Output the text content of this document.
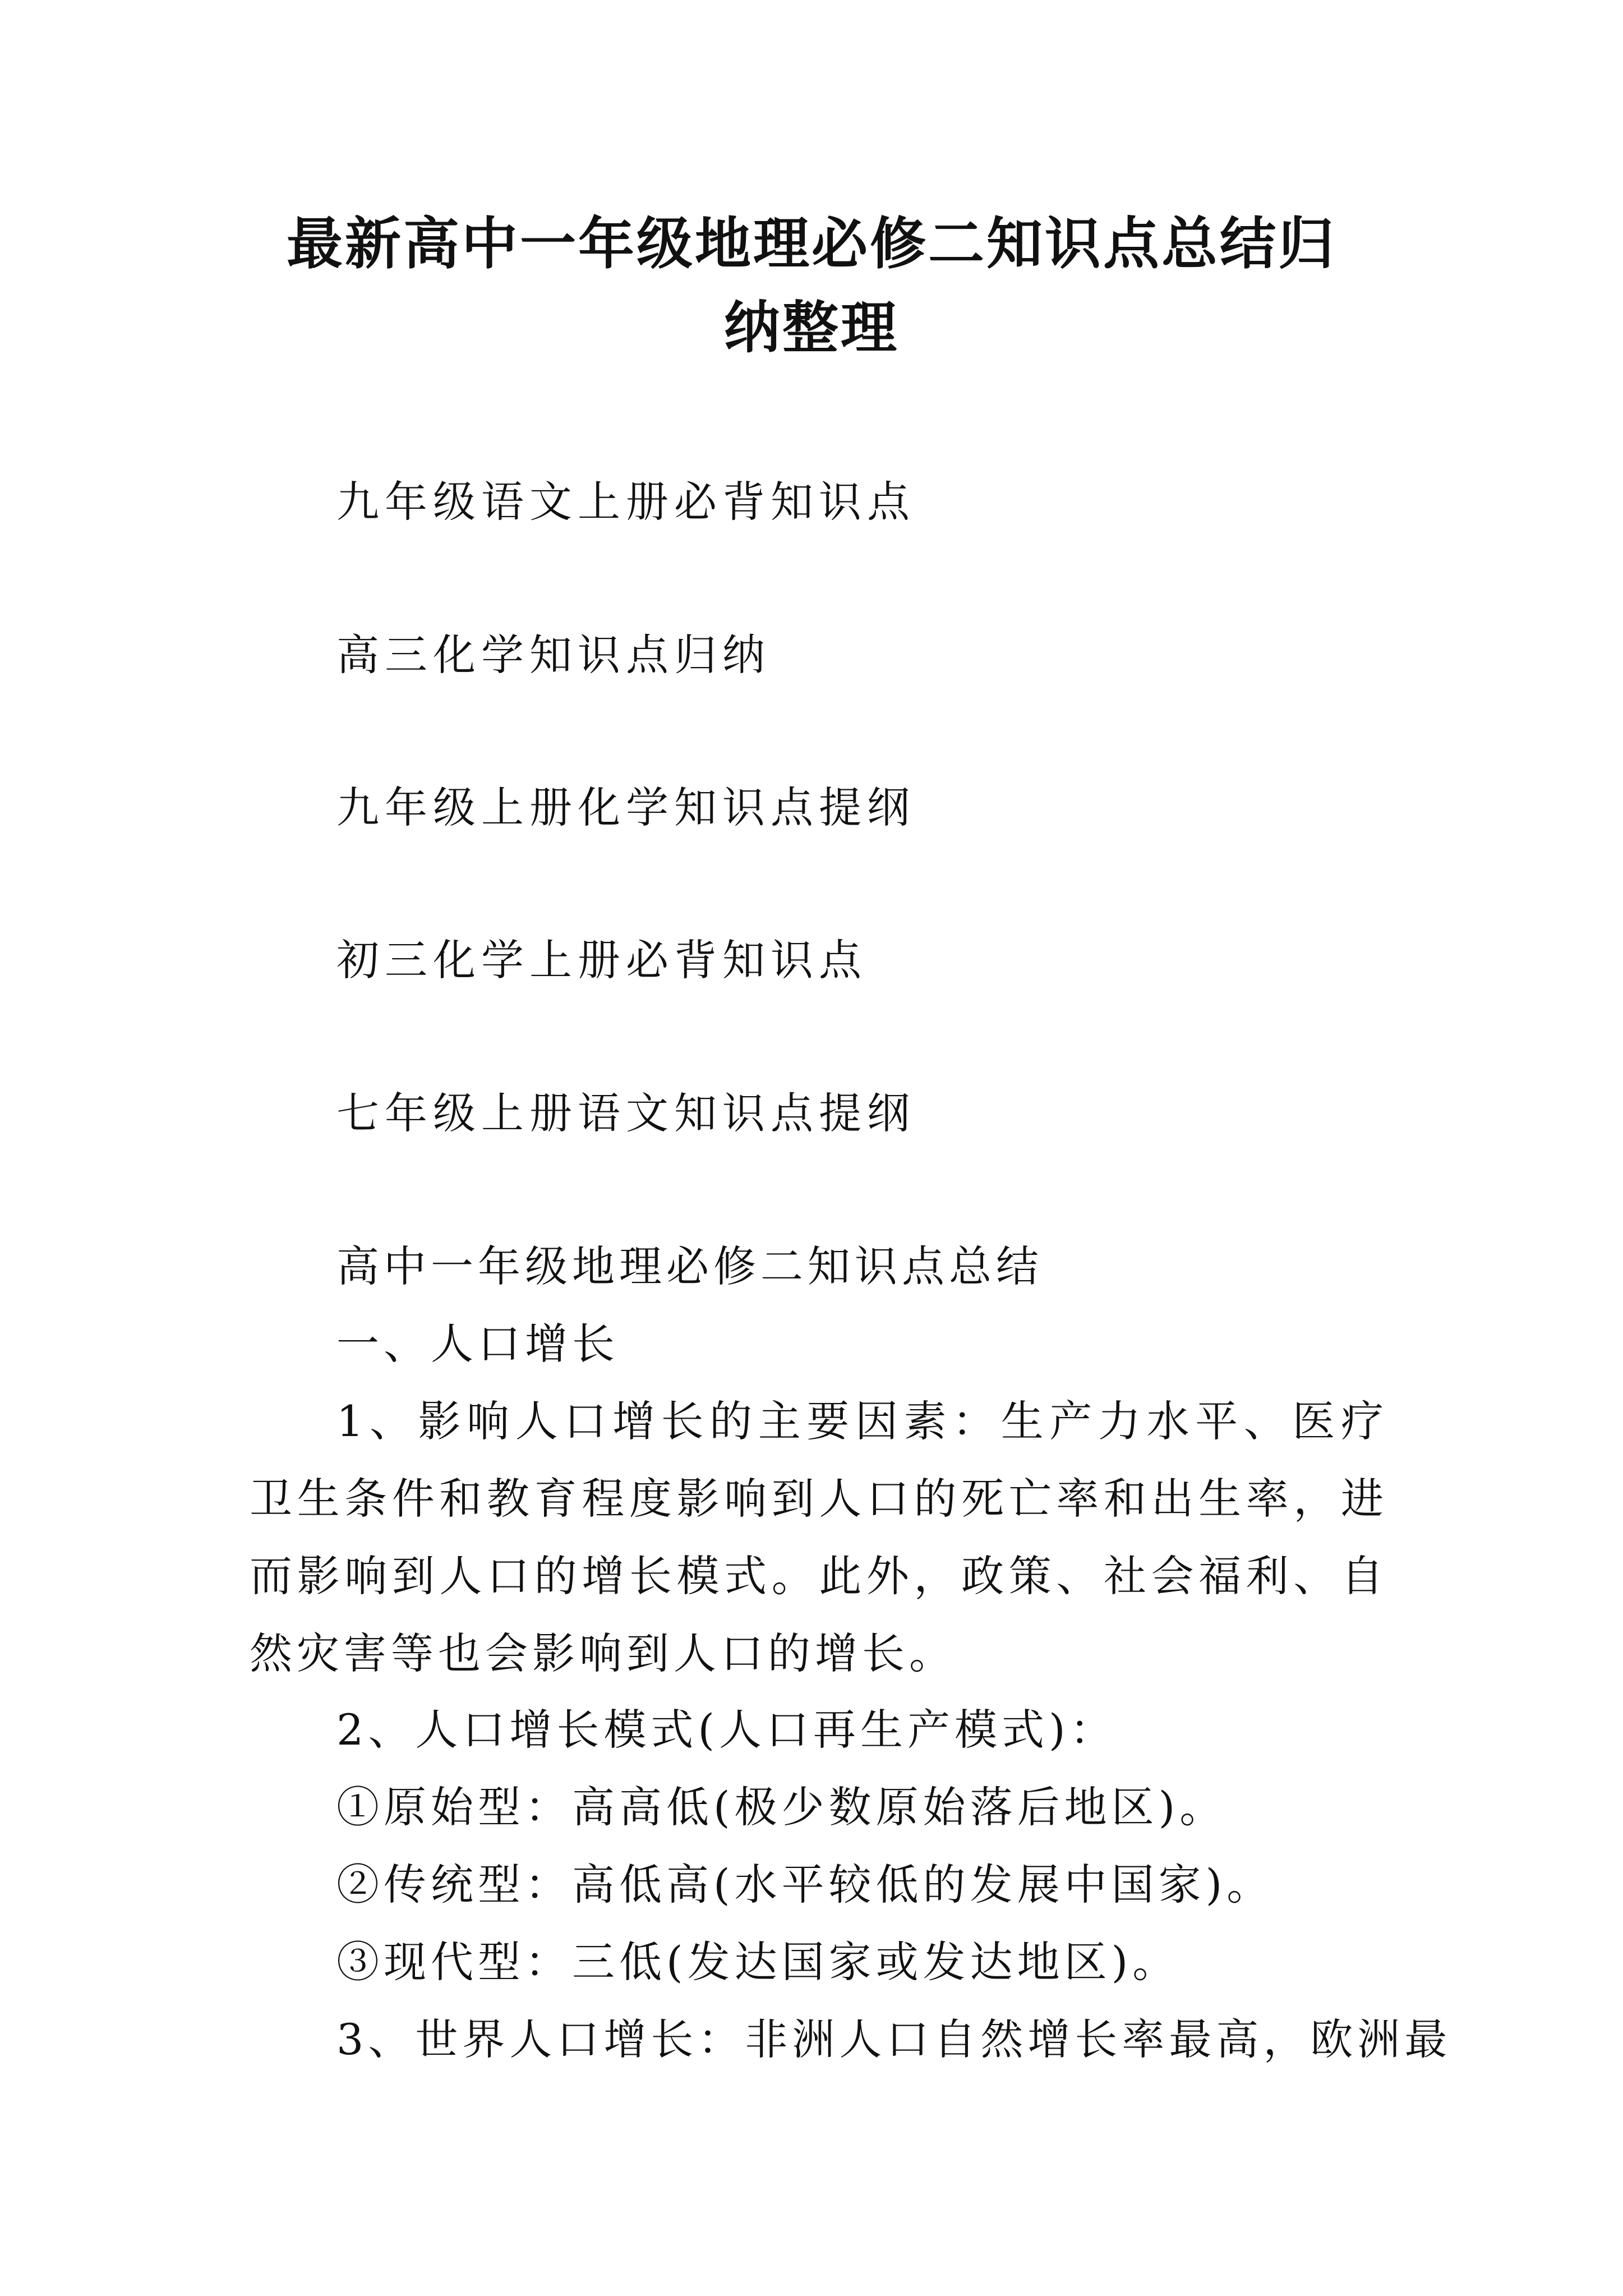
最新高中一年级地理必修二知识点总结归
纳整理

九年级语文上册必背知识点

高三化学知识点归纳

九年级上册化学知识点提纲

初三化学上册必背知识点

七年级上册语文知识点提纲

高中一年级地理必修二知识点总结

一、人口增长

1、影响人口增长的主要因素：生产力水平、医疗卫生条件和教育程度影响到人口的死亡率和出生率，进而影响到人口的增长模式。此外，政策、社会福利、自然灾害等也会影响到人口的增长。

2、人口增长模式(人口再生产模式)：

①原始型：高高低(极少数原始落后地区)。

②传统型：高低高(水平较低的发展中国家)。

③现代型：三低(发达国家或发达地区)。

3、世界人口增长：非洲人口自然增长率最高，欧洲最
